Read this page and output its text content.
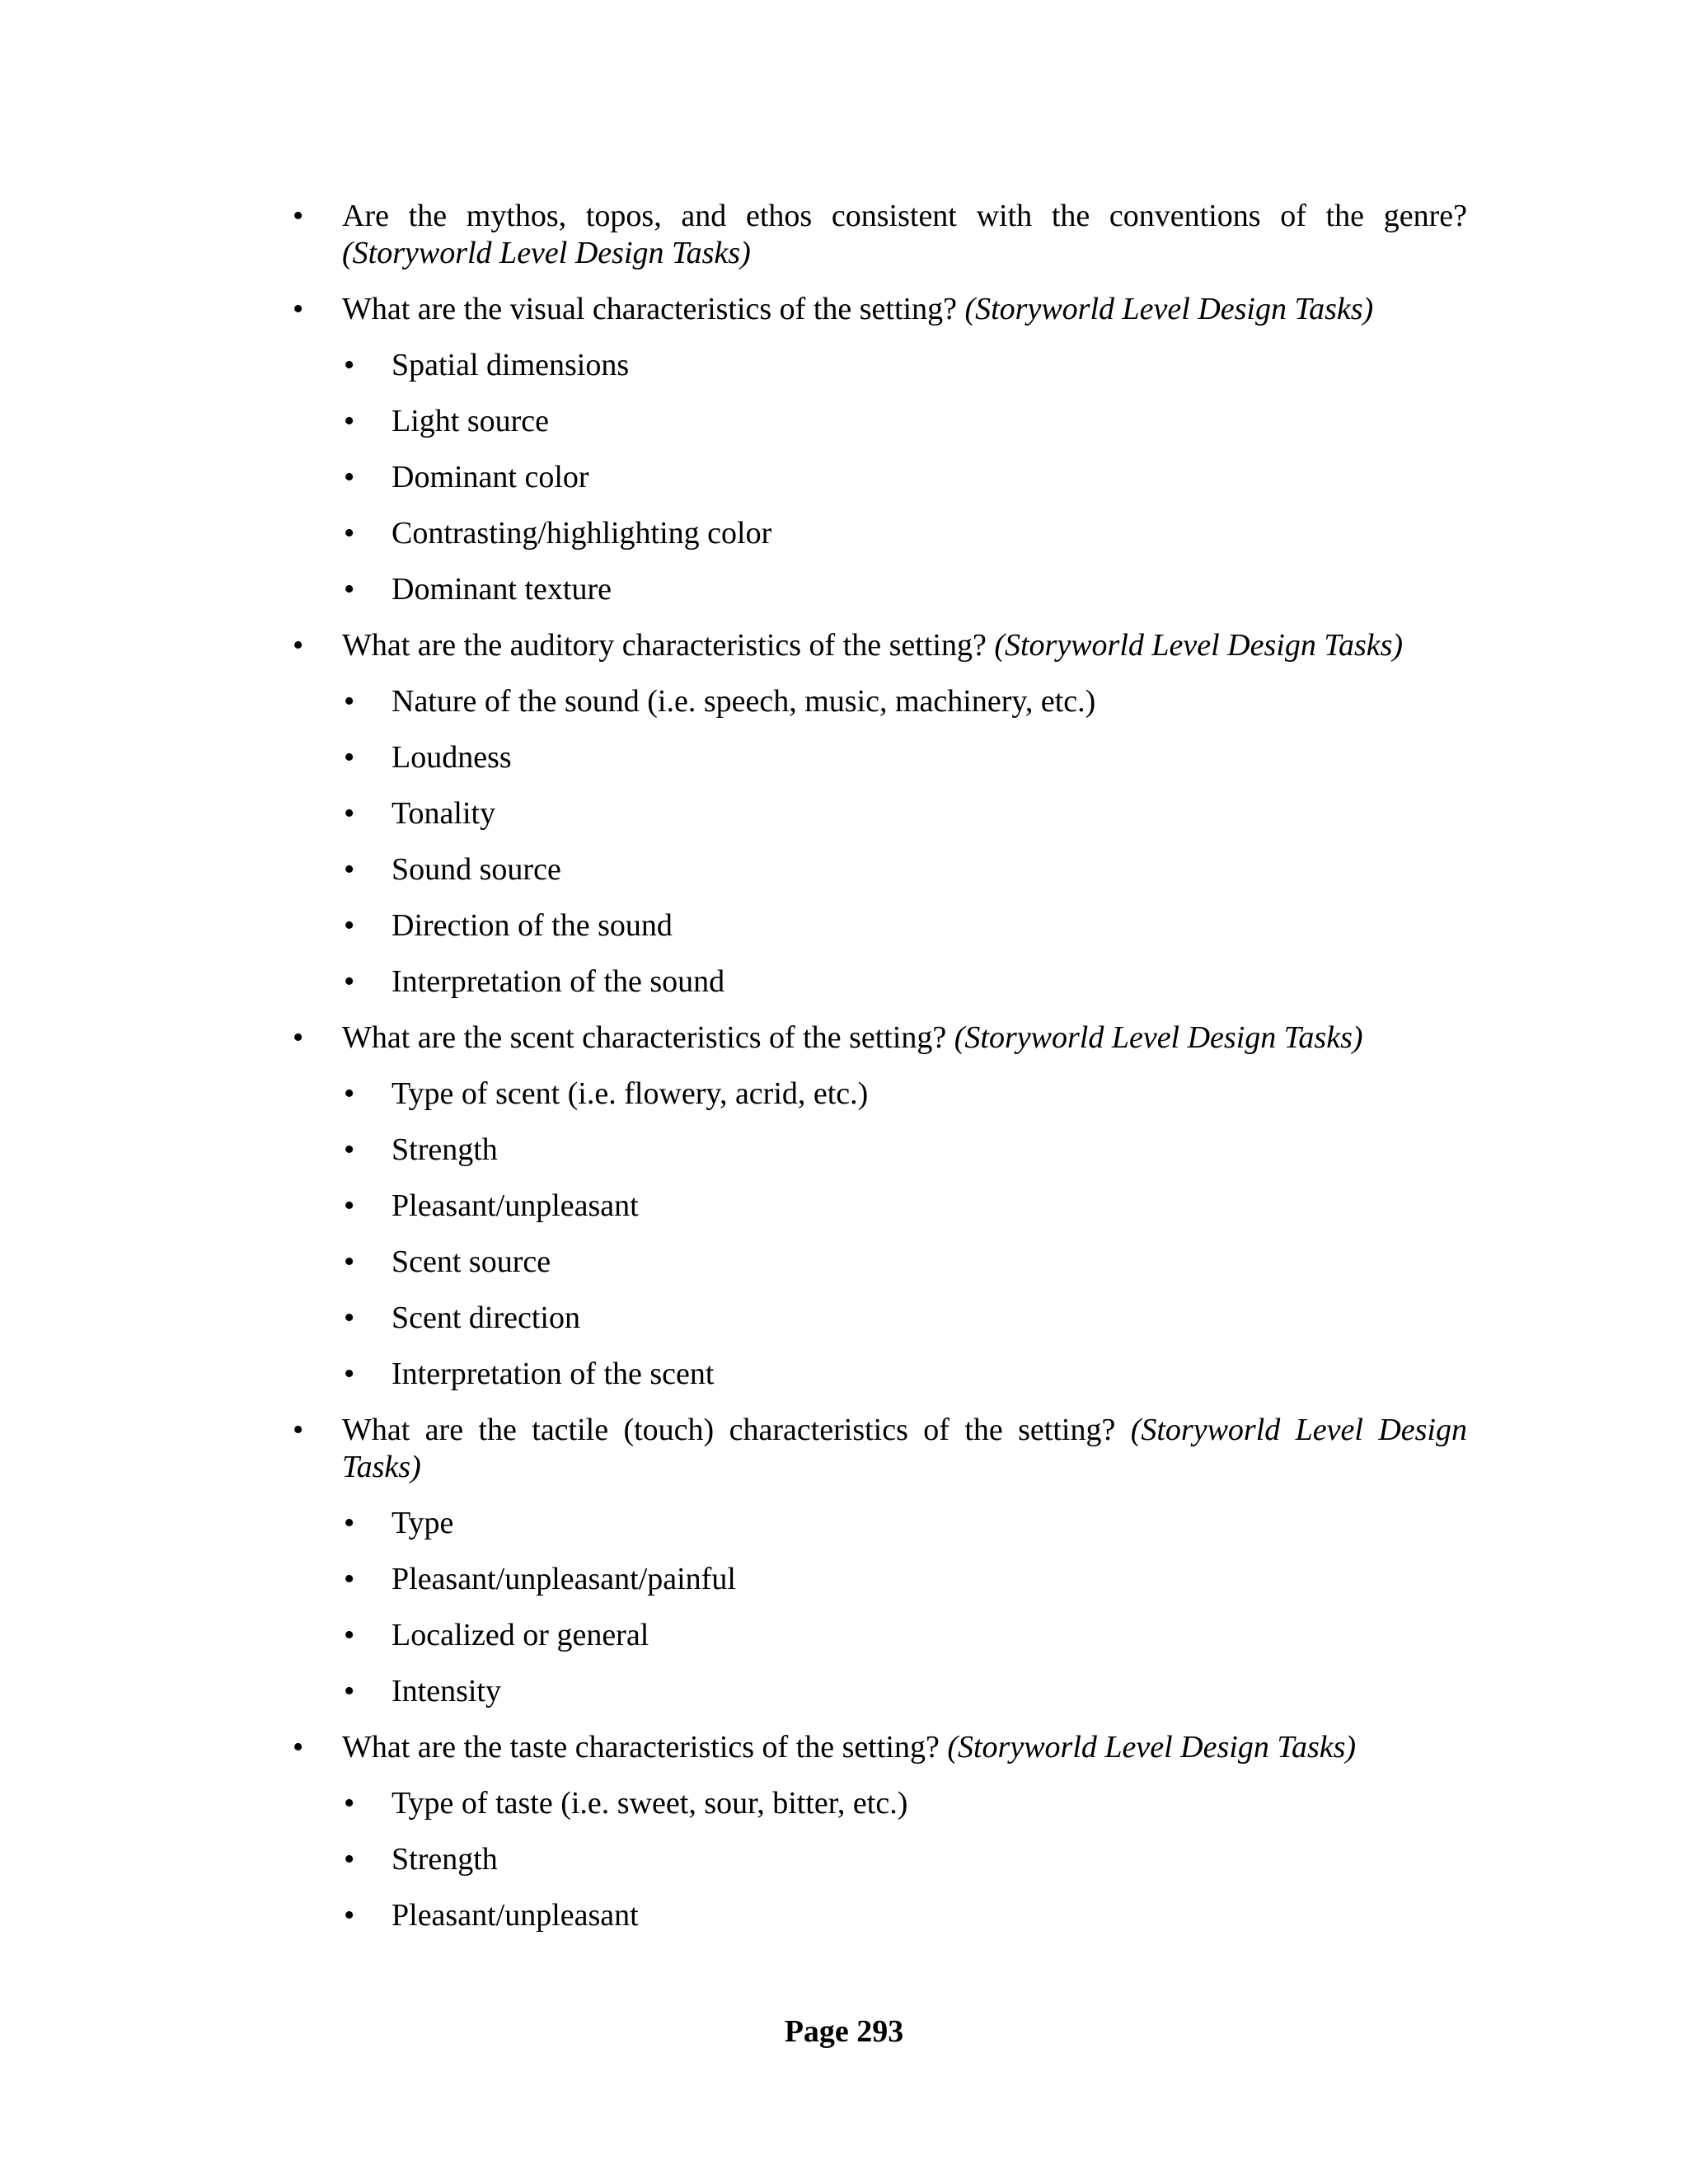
• Are the mythos, topos, and ethos consistent with the conventions of the genre? (Storyworld Level Design Tasks)
• What are the visual characteristics of the setting? (Storyworld Level Design Tasks)
• Spatial dimensions
• Light source
• Dominant color
• Contrasting/highlighting color
• Dominant texture
• What are the auditory characteristics of the setting? (Storyworld Level Design Tasks)
• Nature of the sound (i.e. speech, music, machinery, etc.)
• Loudness
• Tonality
• Sound source
• Direction of the sound
• Interpretation of the sound
• What are the scent characteristics of the setting? (Storyworld Level Design Tasks)
• Type of scent (i.e. flowery, acrid, etc.)
• Strength
• Pleasant/unpleasant
• Scent source
• Scent direction
• Interpretation of the scent
• What are the tactile (touch) characteristics of the setting? (Storyworld Level Design Tasks)
• Type
• Pleasant/unpleasant/painful
• Localized or general
• Intensity
• What are the taste characteristics of the setting? (Storyworld Level Design Tasks)
• Type of taste (i.e. sweet, sour, bitter, etc.)
• Strength
• Pleasant/unpleasant
Page 293
